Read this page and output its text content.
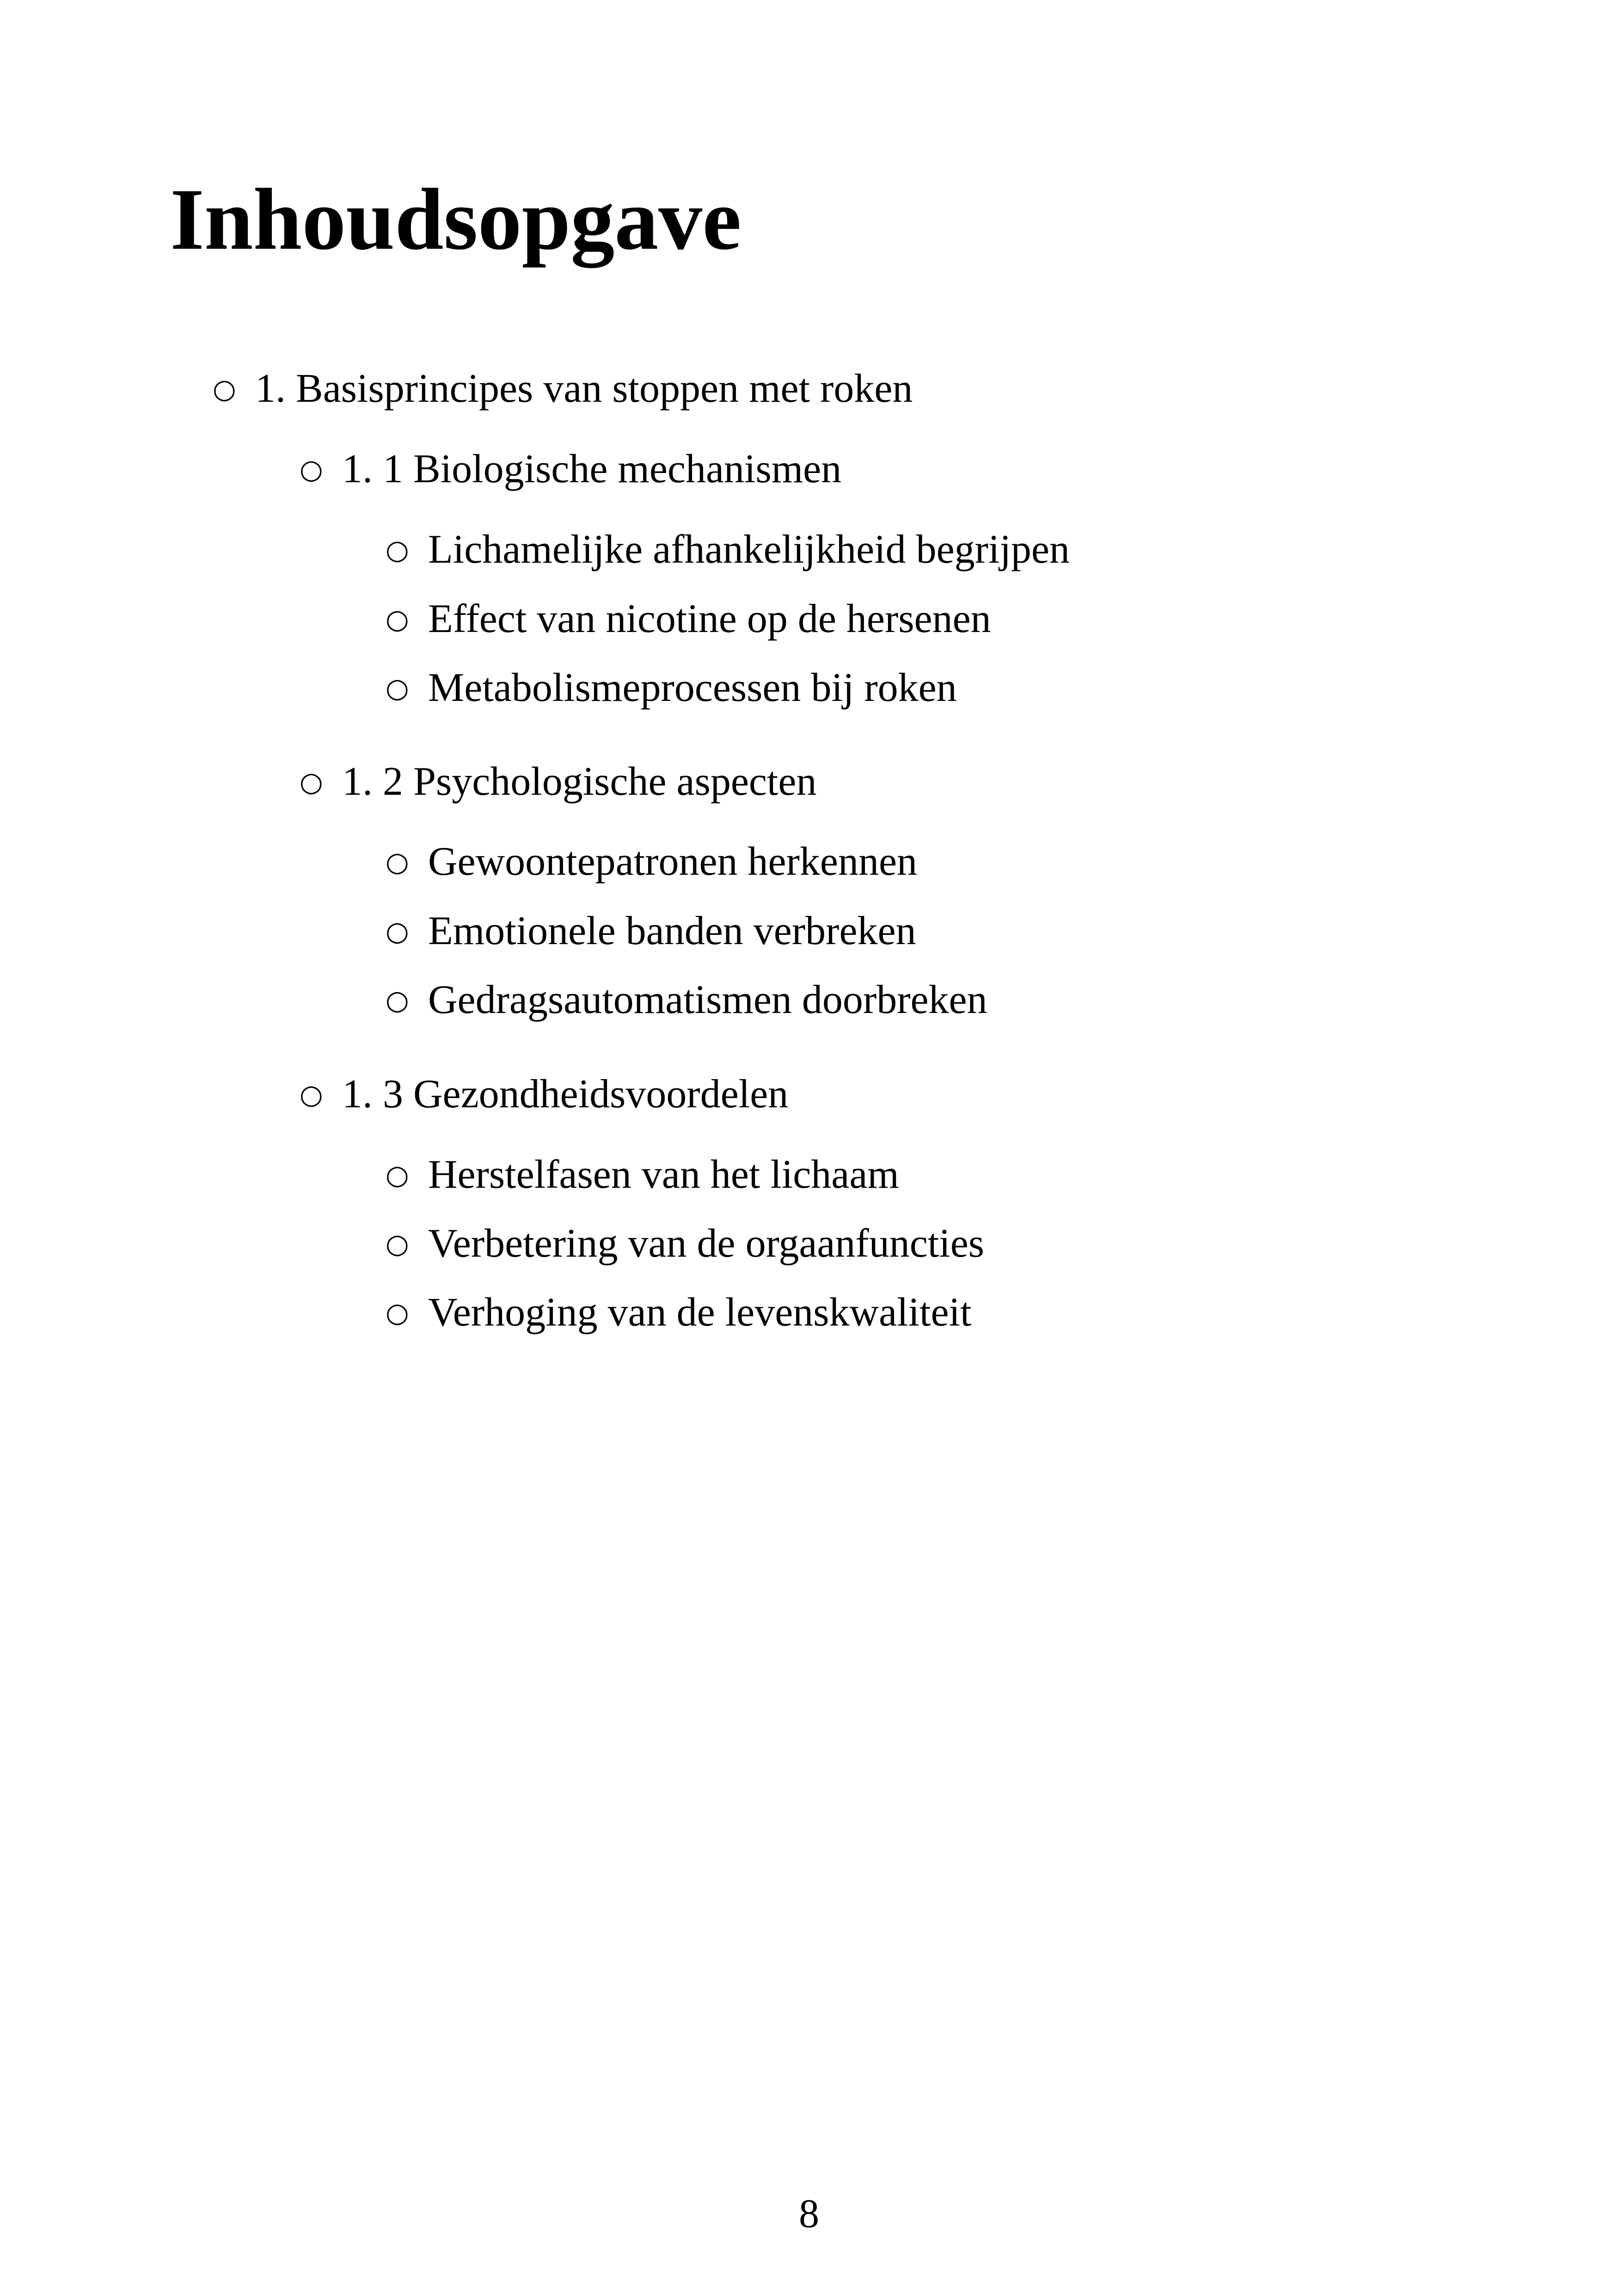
Inhoudsopgave
○ 1. Basisprincipes van stoppen met roken
○ 1. 1 Biologische mechanismen
○ Lichamelijke afhankelijkheid begrijpen
○ Effect van nicotine op de hersenen
○ Metabolismeprocessen bij roken
○ 1. 2 Psychologische aspecten
○ Gewoontepatronen herkennen
○ Emotionele banden verbreken
○ Gedragsautomatismen doorbreken
○ 1. 3 Gezondheidsvoordelen
○ Herstelfasen van het lichaam
○ Verbetering van de orgaanfuncties
○ Verhoging van de levenskwaliteit
8
